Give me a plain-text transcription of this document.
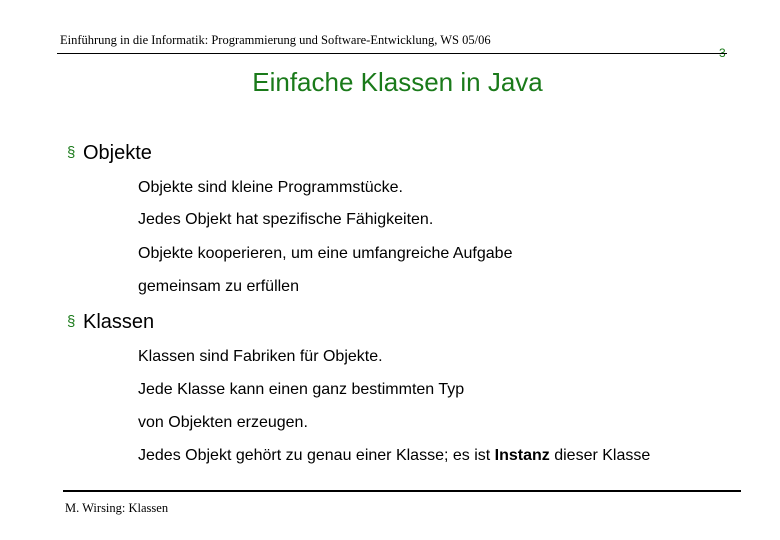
Einführung in die Informatik: Programmierung und Software-Entwicklung, WS 05/06
3
Einfache Klassen in Java
§ Objekte
Objekte sind kleine Programmstücke.
Jedes Objekt hat spezifische Fähigkeiten.
Objekte kooperieren, um eine umfangreiche Aufgabe
gemeinsam zu erfüllen
§ Klassen
Klassen sind Fabriken für Objekte.
Jede Klasse kann einen ganz bestimmten Typ
von Objekten erzeugen.
Jedes Objekt gehört zu genau einer Klasse; es ist Instanz dieser Klasse
M. Wirsing: Klassen
